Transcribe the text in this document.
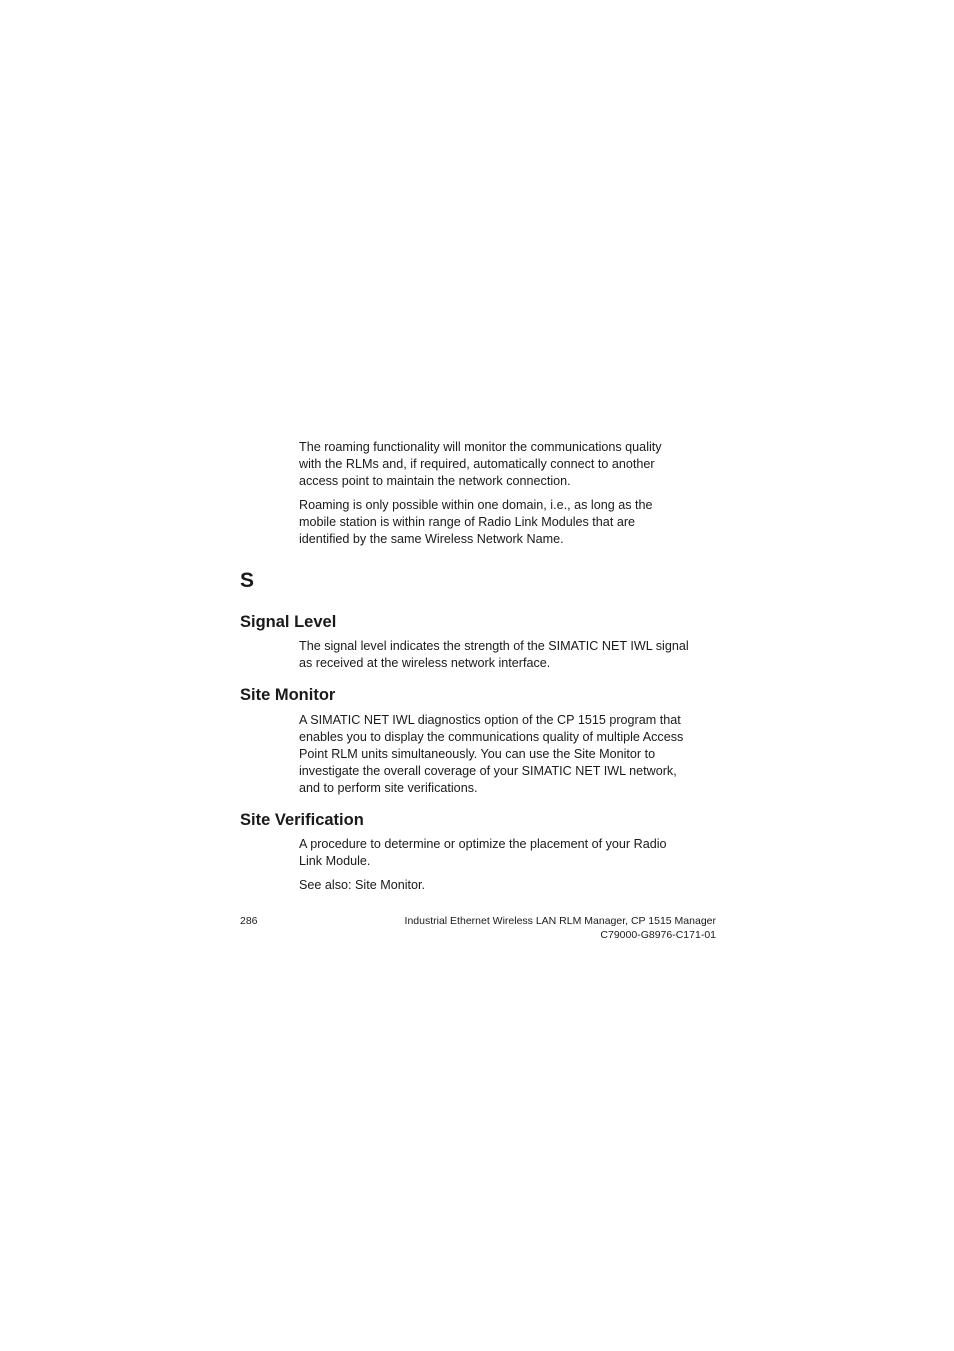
The roaming functionality will monitor the communications quality
with the RLMs and, if required, automatically connect to another
access point to maintain the network connection.

Roaming is only possible within one domain, i.e., as long as the
mobile station is within range of Radio Link Modules that are
identified by the same Wireless Network Name.

S
Signal Level

The signal level indicates the strength of the SIMATIC NET IWL signal
as received at the wireless network interface.

Site Monitor

A SIMATIC NET IWL diagnostics option of the CP 1515 program that
enables you to display the communications quality of multiple Access
Point RLM units simultaneously. You can use the Site Monitor to
investigate the overall coverage of your SIMATIC NET IWL network,
and to perform site verifications.

Site Verification

A procedure to determine or optimize the placement of your Radio
Link Module.

See also: Site Monitor.

286	Industrial Ethernet Wireless LAN RLM Manager, CP 1515 Manager
C79000-G8976-C171-01
